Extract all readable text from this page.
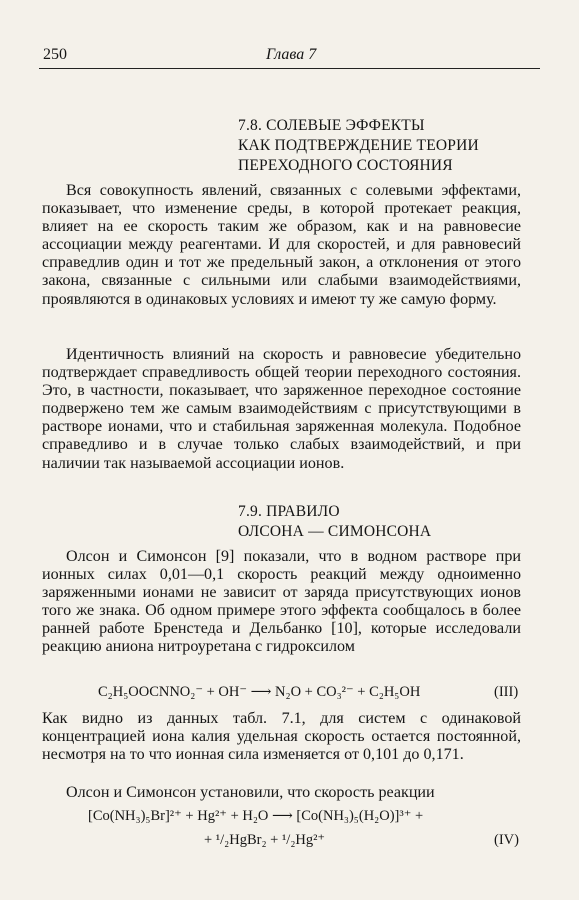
250	Глава 7
7.8. СОЛЕВЫЕ ЭФФЕКТЫ
КАК ПОДТВЕРЖДЕНИЕ ТЕОРИИ
ПЕРЕХОДНОГО СОСТОЯНИЯ

Вся совокупность явлений, связанных с солевыми эффектами, показывает, что изменение среды, в которой протекает реакция, влияет на ее скорость таким же образом, как и на равновесие ассоциации между реагентами. И для скоростей, и для равновесий справедлив один и тот же предельный закон, а отклонения от этого закона, связанные с сильными или слабыми взаимодействиями, проявляются в одинаковых условиях и имеют ту же самую форму.

Идентичность влияний на скорость и равновесие убедительно подтверждает справедливость общей теории переходного состояния. Это, в частности, показывает, что заряженное переходное состояние подвержено тем же самым взаимодействиям с присутствующими в растворе ионами, что и стабильная заряженная молекула. Подобное справедливо и в случае только слабых взаимодействий, и при наличии так называемой ассоциации ионов.

7.9. ПРАВИЛО
ОЛСОНА — СИМОНСОНА

Олсон и Симонсон [9] показали, что в водном растворе при ионных силах 0,01—0,1 скорость реакций между одноименно заряженными ионами не зависит от заряда присутствующих ионов того же знака. Об одном примере этого эффекта сообщалось в более ранней работе Бренстеда и Дельбанко [10], которые исследовали реакцию аниона нитроуретана с гидроксилом

C₂H₅OOCNNO₂⁻ + OH⁻ ⟶ N₂O + CO₃²⁻ + C₂H₅OH	(III)

Как видно из данных табл. 7.1, для систем с одинаковой концентрацией иона калия удельная скорость остается постоянной, несмотря на то что ионная сила изменяется от 0,101 до 0,171.

Олсон и Симонсон установили, что скорость реакции

[Co(NH₃)₅Br]²⁺ + Hg²⁺ + H₂O ⟶ [Co(NH₃)₅(H₂O)]³⁺ +
+ ¹/₂HgBr₂ + ¹/₂Hg²⁺	(IV)
